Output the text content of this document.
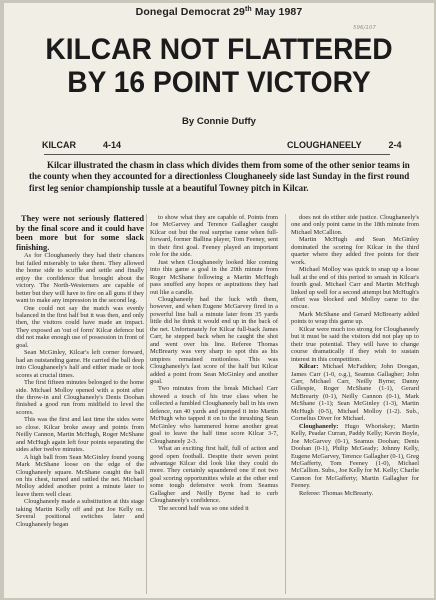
Donegal Democrat 29th May 1987
596/107
KILCAR NOT FLATTERED
BY 16 POINT VICTORY
By Connie Duffy
KILCAR	4-14	CLOUGHANEELY	2-4
Kilcar illustrated the chasm in class which divides them from some of the other senior teams in the county when they accounted for a directionless Cloughaneely side last Sunday in the first round first leg senior championship tussle at a beautiful Towney pitch in Kilcar.

They were not seriously flattered by the final score and it could have been more but for some slack finishing.

As for Cloughaneely they had their chances but failed miserably to take them. They allowed the home side to scuffle and settle and finally enjoy the confidence that brought about the victory. The North-Westerners are capable of better but they will have to fire on all guns if they want to make any impression in the second leg.

One could not say the match was evenly balanced in the first half but it was then, and only then, the visitors could have made an impact. They exposed an 'out of form' Kilcar defence but did not make enough use of possession in front of goal.

Sean McGinley, Kilcar's left corner forward, had an outstanding game. He carried the ball deep into Cloughaneely's half and either made or took scores at crucial times.

The first fifteen minutes belonged to the home side. Michael Molloy opened with a point after the throw-in and Cloughaneely's Denis Doohan finished a good run from midfield to level the scores.

This was the first and last time the sides were so close. Kilcar broke away and points from Neilly Cannon, Martin McHugh, Roger McShane and McHugh again left four points separating the sides after twelve minutes.

A high ball from Sean McGinley found young Mark McShane loose on the edge of the Cloughaneely square. McShane caught the ball on his chest, turned and rattled the net. Michael Molloy added another point a minute later to leave them well clear.

Cloughaneely made a substitution at this stage taking Martin Kelly off and put Joe Kelly on. Several positional switches later and Cloughaneely began

to show what they are capable of. Points from Joe McGarvey and Terence Gallagher caught Kilcar out but the real surprise came when full-forward, former Ballina player, Tom Feeney, sent in their first goal. Feeney played an important role for the side.

Just when Cloughaneely looked like coming into this game a goal in the 20th minute from Roger McShane following a Martin McHugh pass snuffed any hopes or aspirations they had out like a candle.

Cloughaneely had the luck with them, however, and when Eugene McGarvey fired in a powerful line ball a minute later from 35 yards little did he think it would end up in the back of the net. Unfortunately for Kilcar full-back James Carr, he stepped back when he caught the shot and went over his line. Referee Thomas McBrearty was very sharp to spot this as his umpires remained motionless. This was Cloughaneely's last score of the half but Kilcar added a point from Sean McGinley and another goal.

Two minutes from the break Michael Carr showed a touch of his true class when he collected a fumbled Cloughaneely ball in his own defence, ran 40 yards and pumped it into Martin McHugh who tapped it on to the inrushing Sean McGinley who hammered home another great goal to leave the half time score Kilcar 3-7, Cloughaneely 2-3.

What an exciting first half, full of action and good open football. Despite their seven point advantage Kilcar did look like they could do more. They certainly squandered one if not two goal scoring opportunities while at the other end some tough defensive work from Seamus Gallagher and Neilly Byrne had to curb Cloughaneely's confidence.

The second half was so one sided it

does not do either side justice. Cloughaneely's one and only point came in the 18th minute from Michael McCallion.

Martin McHugh and Sean McGinley dominated the scoring for Kilcar in the third quarter where they added five points for their work.

Michael Molloy was quick to snap up a loose ball at the end of this period to smash in Kilcar's fourth goal. Michael Carr and Martin McHugh linked up well for a second attempt but McHugh's effort was blocked and Molloy came to the rescue.

Mark McShane and Gerard McBrearty added points to wrap this game up.

Kilcar were much too strong for Cloughaneely but it must be said the visitors did not play up to their true potential. They will have to change course dramatically if they wish to sustain interest in this competition.

Kilcar: Michael McFadden; John Doogan, James Carr (1-0, o.g.), Seamus Gallagher; John Carr, Michael Carr, Neilly Byrne; Danny Gillespie, Roger McShane (1-1), Gerard McBrearty (0-1), Neilly Cannon (0-1), Mark McShane (1-1); Sean McGinley (1-3), Martin McHugh (0-5), Michael Molloy (1-2). Sub., Cornelius Diver for Michael.

Cloughaneely: Hugo Whoriskey; Martin Kelly, Peadar Curran, Paddy Kelly; Kevin Boyle, Joe McGarvey (0-1), Seamus Doohan; Denis Doohan (0-1), Philip McGeady; Johnny Kelly, Eugene McGarvey, Terence Gallagher (0-1), Greg McGafferty, Tom Feeney (1-0), Michael McCallion. Subs., Joe Kelly for M. Kelly; Charlie Cannon for McGafferty; Martin Gallagher for Feeney.

Referee: Thomas McBrearty.
